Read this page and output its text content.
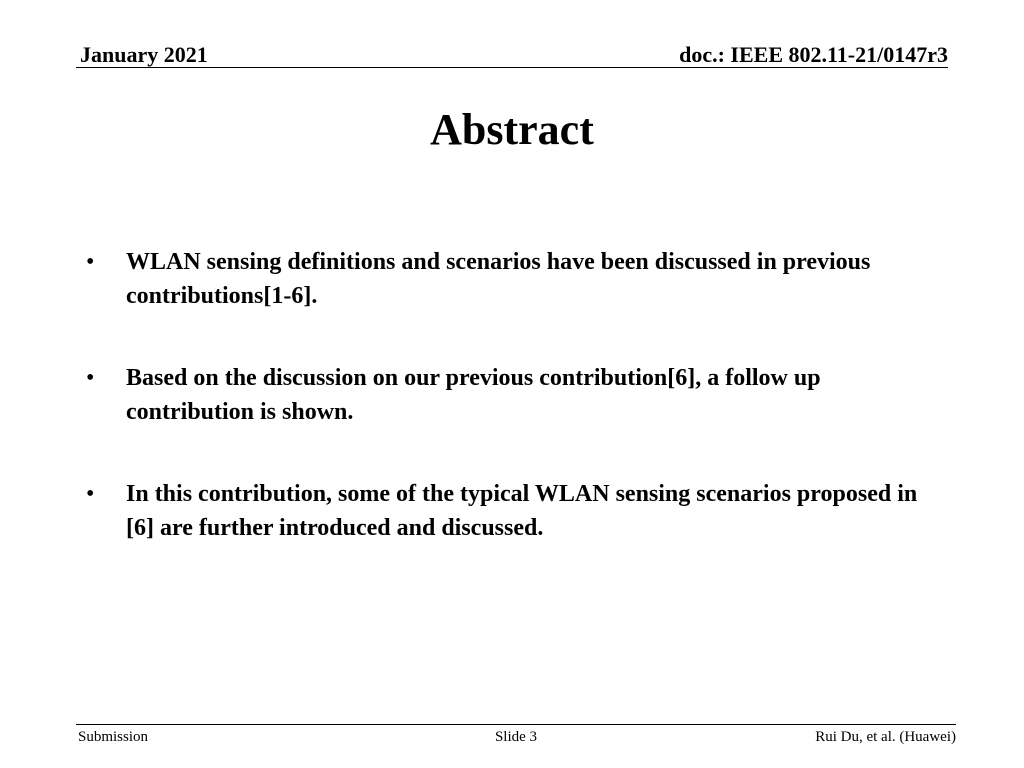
January 2021	doc.: IEEE 802.11-21/0147r3
Abstract
•	WLAN sensing definitions and scenarios have been discussed in previous contributions[1-6].
•	Based on the discussion on our previous contribution[6], a follow up contribution is shown.
•	In this contribution, some of the typical WLAN sensing scenarios proposed in [6] are further introduced and discussed.
Submission	Slide 3	Rui Du, et al. (Huawei)
